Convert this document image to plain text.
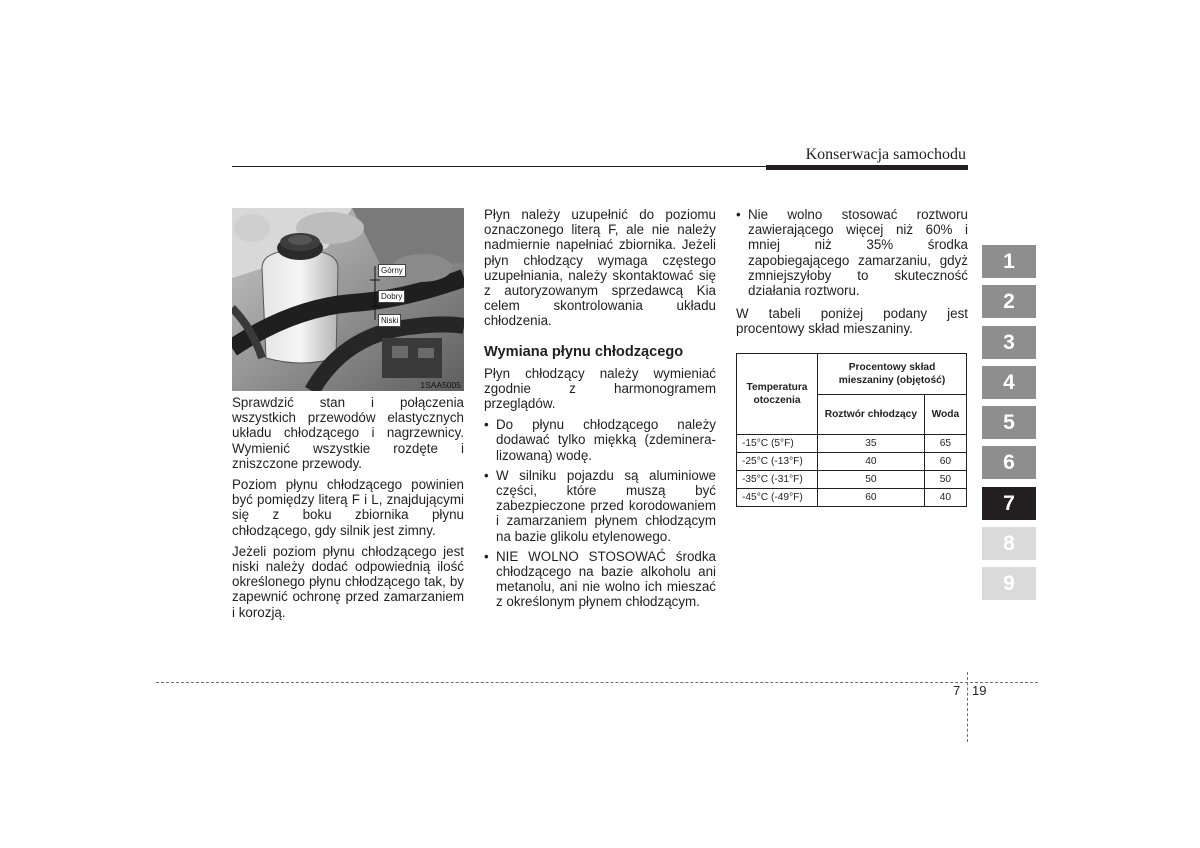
Konserwacja samochodu
Górny
Dobry
Niski
1SAA5005

Sprawdzić stan i połączenia wszystkich przewodów elastycznych układu chłodzącego i nagrzewnicy. Wymienić wszystkie rozdęte i zniszczone przewody.

Poziom płynu chłodzącego powinien być pomiędzy literą F i L, znajdującymi się z boku zbiornika płynu chłodzącego, gdy silnik jest zimny.

Jeżeli poziom płynu chłodzącego jest niski należy dodać odpowiednią ilość określonego płynu chłodzącego tak, by zapewnić ochronę przed zamarzaniem i korozją.

Płyn należy uzupełnić do poziomu oznaczonego literą F, ale nie należy nadmiernie napełniać zbiornika. Jeżeli płyn chłodzący wymaga częstego uzupełniania, należy skontaktować się z autoryzowanym sprzedawcą Kia celem skontrolowania układu chłodzenia.

Wymiana płynu chłodzącego

Płyn chłodzący należy wymieniać zgodnie z harmonogramem przeglądów.

• Do płynu chłodzącego należy dodawać tylko miękką (zdeminera-lizowaną) wodę.
• W silniku pojazdu są aluminiowe części, które muszą być zabezpieczone przed korodowaniem i zamarzaniem płynem chłodzącym na bazie glikolu etylenowego.
• NIE WOLNO STOSOWAĆ środka chłodzącego na bazie alkoholu ani metanolu, ani nie wolno ich mieszać z określonym płynem chłodzącym.
• Nie wolno stosować roztworu zawierającego więcej niż 60% i mniej niż 35% środka zapobiegającego zamarzaniu, gdyż zmniejszyłoby to skuteczność działania roztworu.

W tabeli poniżej podany jest procentowy skład mieszaniny.

Temperatura otoczenia	Procentowy skład mieszaniny (objętość)	
	Roztwór chłodzący	Woda
-15°C (5°F)	35	65
-25°C (-13°F)	40	60
-35°C (-31°F)	50	50
-45°C (-49°F)	60	40
1
2
3
4
5
6
7
8
9
7 19
